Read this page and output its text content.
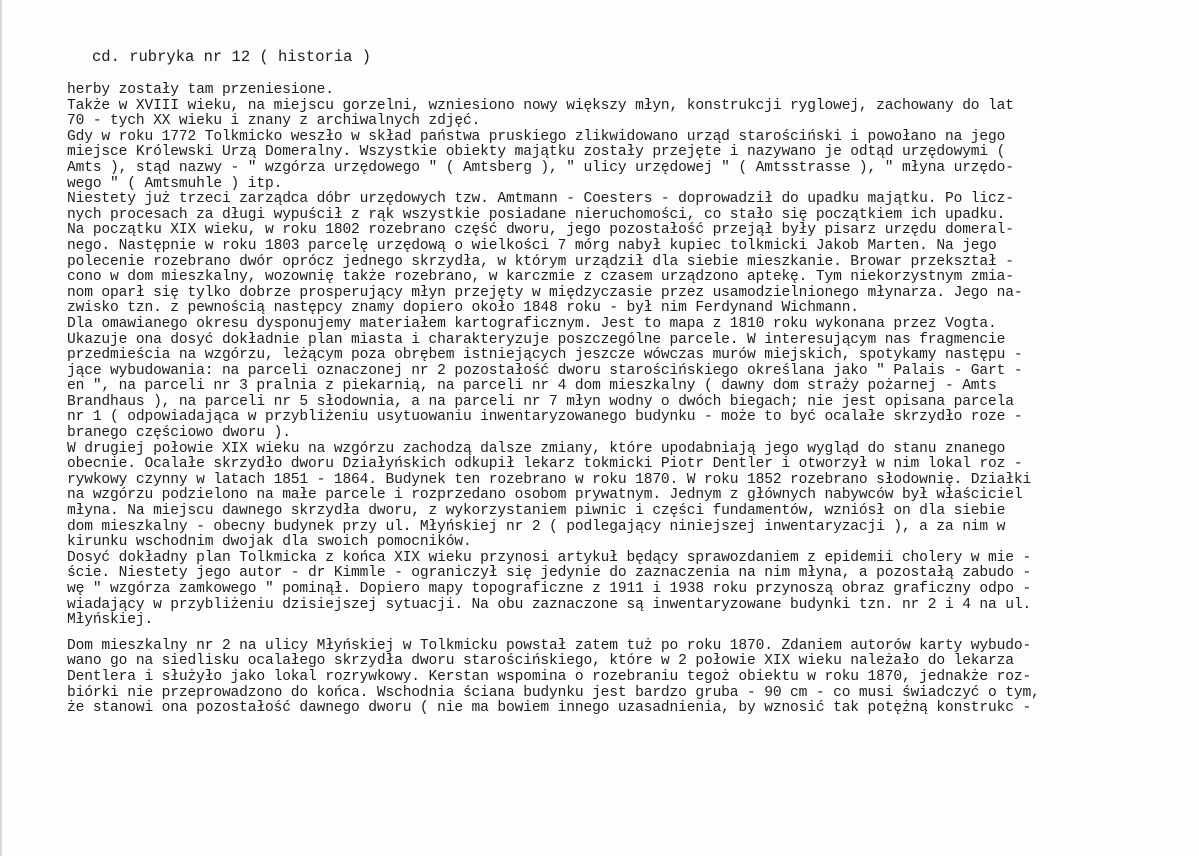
cd. rubryka nr 12 ( historia )
herby zostały tam przeniesione.
Także w XVIII wieku, na miejscu gorzelni, wzniesiono nowy większy młyn, konstrukcji ryglowej, zachowany do lat
70 - tych XX wieku i znany z archiwalnych zdjęć.
Gdy w roku 1772 Tolkmicko weszło w skład państwa pruskiego zlikwidowano urząd starościński i powołano na jego
miejsce Królewski Urzą Domeralny. Wszystkie obiekty majątku zostały przejęte i nazywano je odtąd urzędowymi (
Amts ), stąd nazwy - " wzgórza urzędowego " ( Amtsberg ), " ulicy urzędowej " ( Amtsstrasse ), " młyna urzędo-
wego " ( Amtsmuhle ) itp.
Niestety już trzeci zarządca dóbr urzędowych tzw. Amtmann - Coesters - doprowadził do upadku majątku. Po licz-
nych procesach za długi wypuścił z rąk wszystkie posiadane nieruchomości, co stało się początkiem ich upadku.
Na początku XIX wieku, w roku 1802 rozebrano część dworu, jego pozostałość przejął były pisarz urzędu domeral-
nego. Następnie w roku 1803 parcelę urzędową o wielkości 7 mórg nabył kupiec tolkmicki Jakob Marten. Na jego
polecenie rozebrano dwór oprócz jednego skrzydła, w którym urządził dla siebie mieszkanie. Browar przekształ -
cono w dom mieszkalny, wozownię także rozebrano, w karczmie z czasem urządzono aptekę. Tym niekorzystnym zmia-
nom oparł się tylko dobrze prosperujący młyn przejęty w międzyczasie przez usamodzielnionego młynarza. Jego na-
zwisko tzn. z pewnością następcy znamy dopiero około 1848 roku - był nim Ferdynand Wichmann.
Dla omawianego okresu dysponujemy materiałem kartograficznym. Jest to mapa z 1810 roku wykonana przez Vogta.
Ukazuje ona dosyć dokładnie plan miasta i charakteryzuje poszczególne parcele. W interesującym nas fragmencie
przedmieścia na wzgórzu, leżącym poza obrębem istniejących jeszcze wówczas murów miejskich, spotykamy następu -
jące wybudowania: na parceli oznaczonej nr 2 pozostałość dworu starościńskiego określana jako " Palais - Gart -
en ", na parceli nr 3 pralnia z piekarnią, na parceli nr 4 dom mieszkalny ( dawny dom straży pożarnej - Amts
Brandhaus ), na parceli nr 5 słodownia, a na parceli nr 7 młyn wodny o dwóch biegach; nie jest opisana parcela
nr 1 ( odpowiadająca w przybliżeniu usytuowaniu inwentaryzowanego budynku - może to być ocalałe skrzydło roze -
branego częściowo dworu ).
W drugiej połowie XIX wieku na wzgórzu zachodzą dalsze zmiany, które upodabniają jego wygląd do stanu znanego
obecnie. Ocalałe skrzydło dworu Działyńskich odkupił lekarz tokmicki Piotr Dentler i otworzył w nim lokal roz -
rywkowy czynny w latach 1851 - 1864. Budynek ten rozebrano w roku 1870. W roku 1852 rozebrano słodownię. Działki
na wzgórzu podzielono na małe parcele i rozprzedano osobom prywatnym. Jednym z głównych nabywców był właściciel
młyna. Na miejscu dawnego skrzydła dworu, z wykorzystaniem piwnic i części fundamentów, wzniósł on dla siebie
dom mieszkalny - obecny budynek przy ul. Młyńskiej nr 2 ( podlegający niniejszej inwentaryzacji ), a za nim w
kirunku wschodnim dwojak dla swoich pomocników.
Dosyć dokładny plan Tolkmicka z końca XIX wieku przynosi artykuł będący sprawozdaniem z epidemii cholery w mie -
ście. Niestety jego autor - dr Kimmle - ograniczył się jedynie do zaznaczenia na nim młyna, a pozostałą zabudo -
wę " wzgórza zamkowego " pominął. Dopiero mapy topograficzne z 1911 i 1938 roku przynoszą obraz graficzny odpo -
wiadający w przybliżeniu dzisiejszej sytuacji. Na obu zaznaczone są inwentaryzowane budynki tzn. nr 2 i 4 na ul.
Młyńskiej.
Dom mieszkalny nr 2 na ulicy Młyńskiej w Tolkmicku powstał zatem tuż po roku 1870. Zdaniem autorów karty wybudo-
wano go na siedlisku ocalałego skrzydła dworu starościńskiego, które w 2 połowie XIX wieku należało do lekarza
Dentlera i służyło jako lokal rozrywkowy. Kerstan wspomina o rozebraniu tegoż obiektu w roku 1870, jednakże roz-
biórki nie przeprowadzono do końca. Wschodnia ściana budynku jest bardzo gruba - 90 cm - co musi świadczyć o tym,
że stanowi ona pozostałość dawnego dworu ( nie ma bowiem innego uzasadnienia, by wznosić tak potężną konstrukc -
